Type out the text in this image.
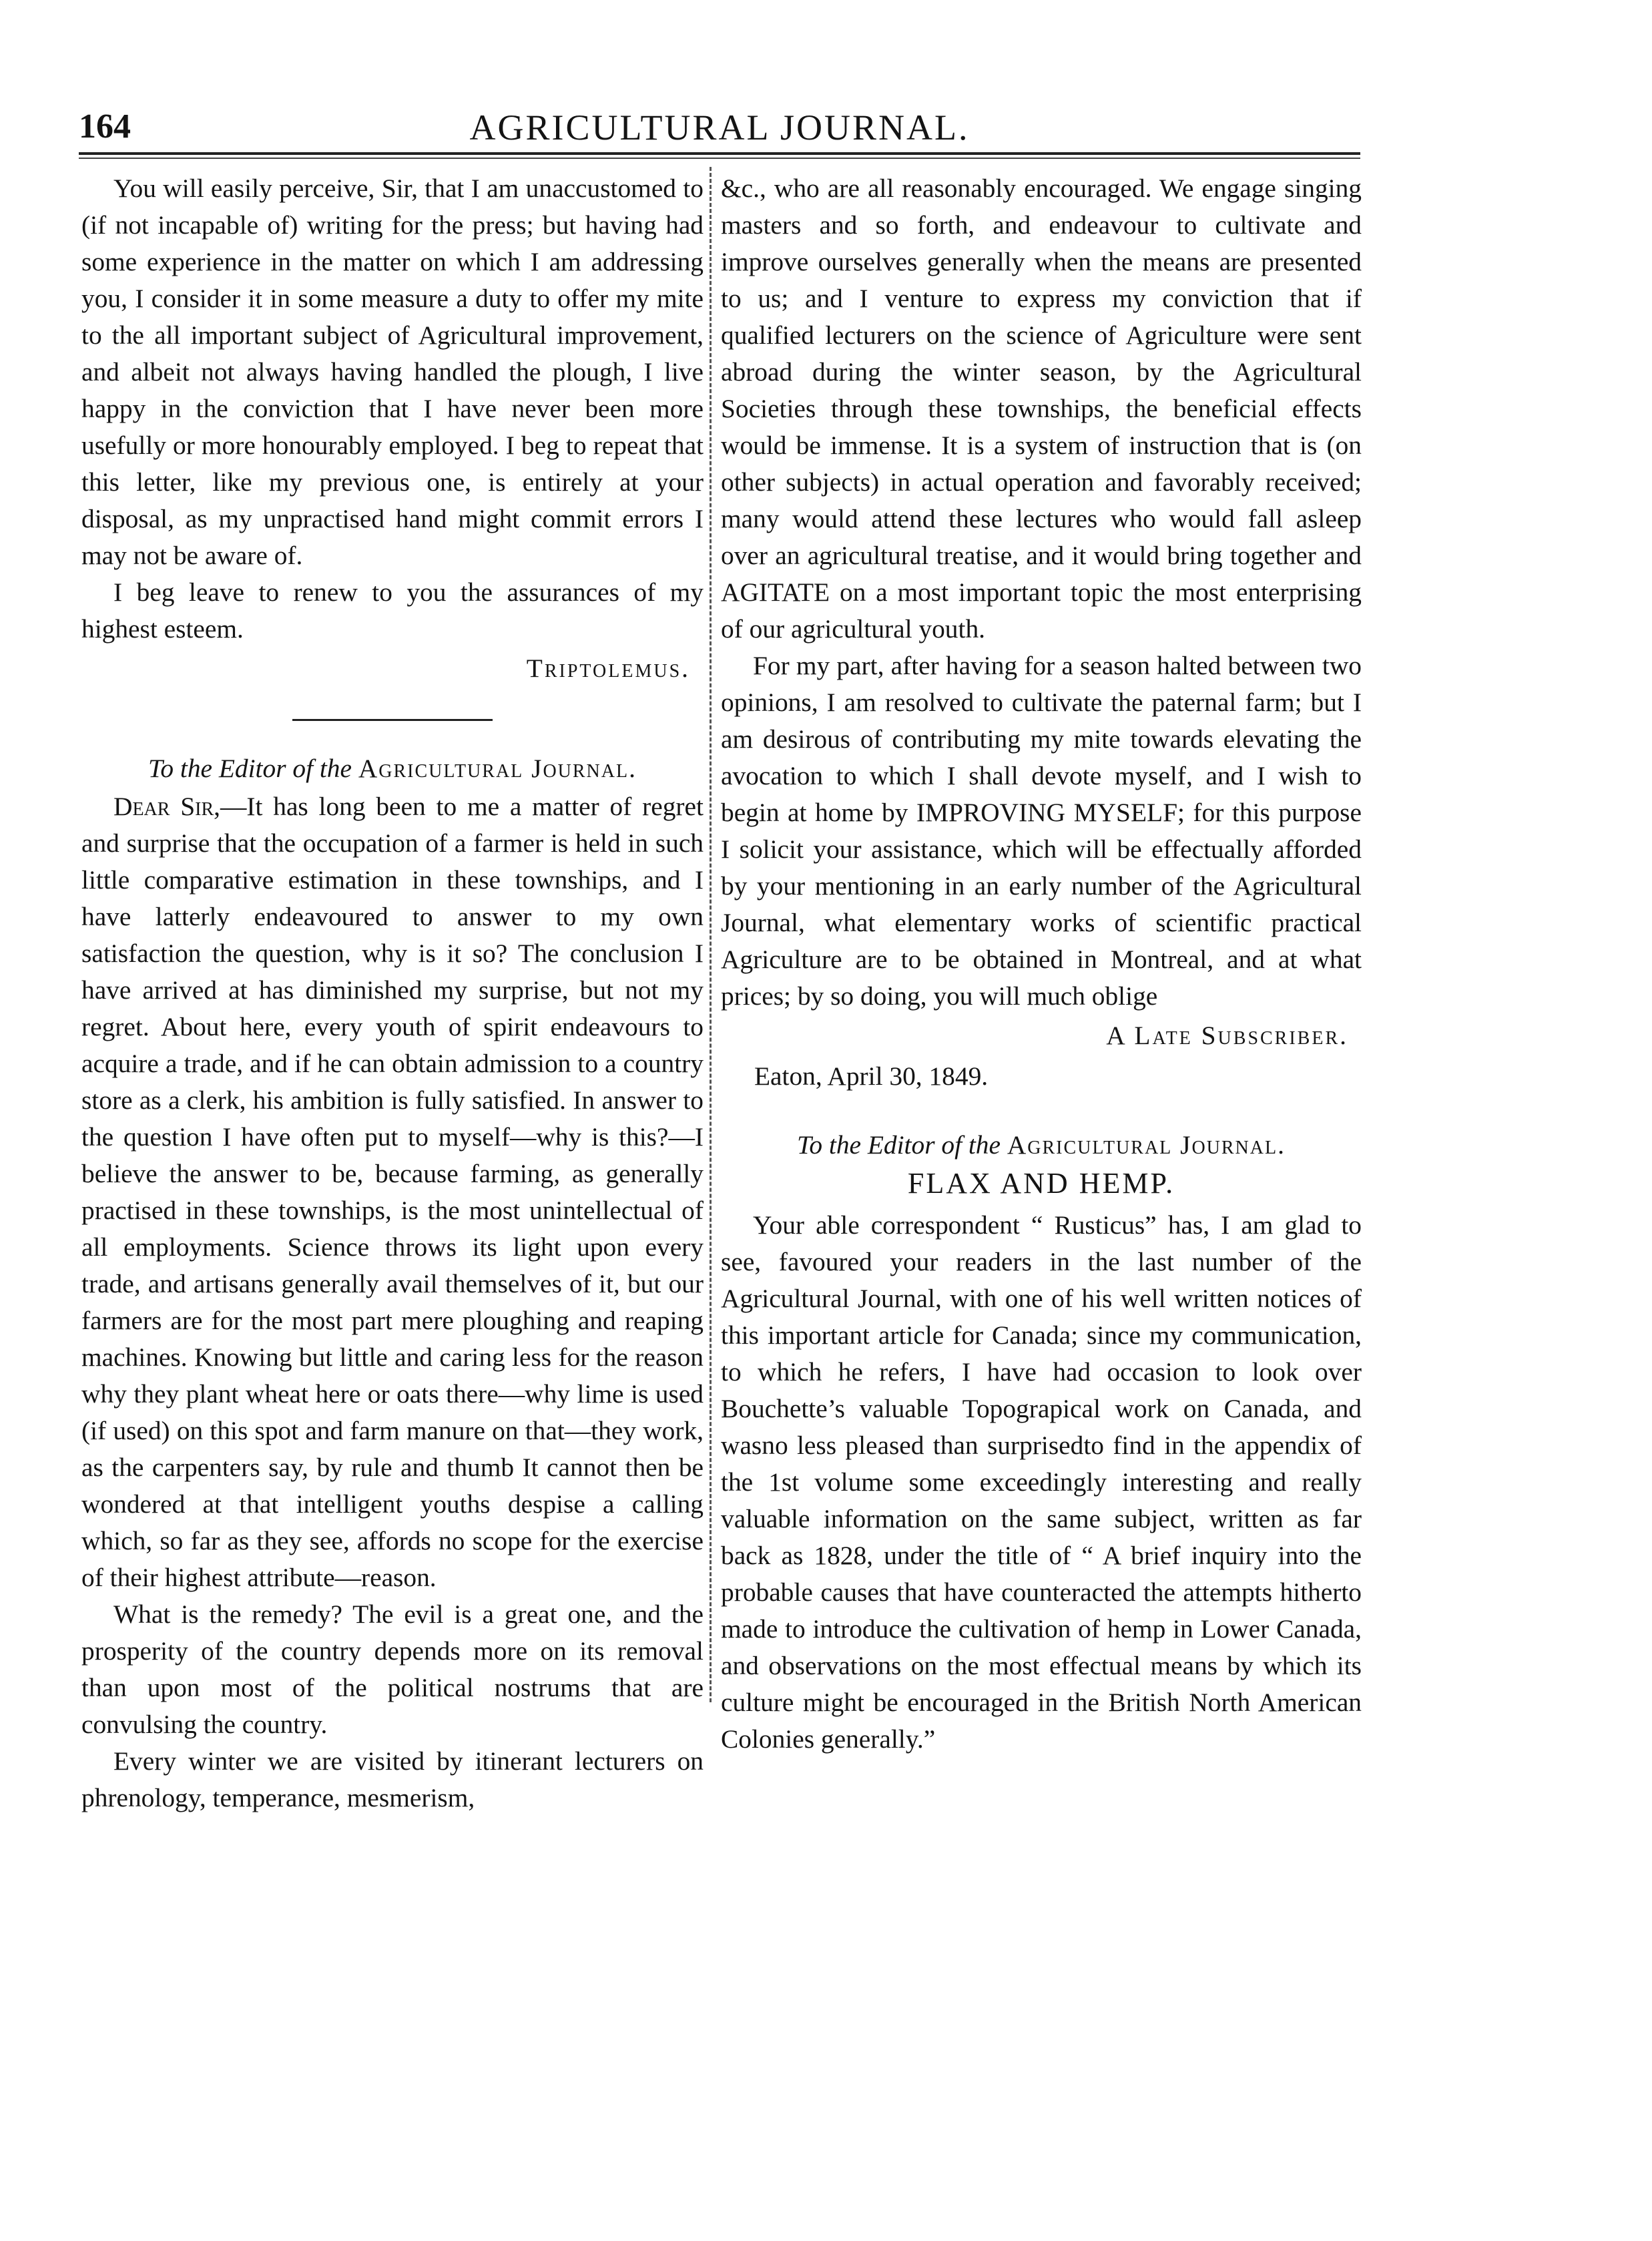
164	AGRICULTURAL JOURNAL.

You will easily perceive, Sir, that I am unaccustomed to (if not incapable of) writing for the press; but having had some experience in the matter on which I am addressing you, I consider it in some measure a duty to offer my mite to the all important subject of Agricultural improvement, and albeit not always having handled the plough, I live happy in the conviction that I have never been more usefully or more honourably employed. I beg to repeat that this letter, like my previous one, is entirely at your disposal, as my unpractised hand might commit errors I may not be aware of.

I beg leave to renew to you the assurances of my highest esteem.

Triptolemus.

To the Editor of the Agricultural Journal.

Dear Sir,—It has long been to me a matter of regret and surprise that the occupation of a farmer is held in such little comparative estimation in these townships, and I have latterly endeavoured to answer to my own satisfaction the question, why is it so? The conclusion I have arrived at has diminished my surprise, but not my regret. About here, every youth of spirit endeavours to acquire a trade, and if he can obtain admission to a country store as a clerk, his ambition is fully satisfied. In answer to the question I have often put to myself—why is this?—I believe the answer to be, because farming, as generally practised in these townships, is the most unintellectual of all employments. Science throws its light upon every trade, and artisans generally avail themselves of it, but our farmers are for the most part mere ploughing and reaping machines. Knowing but little and caring less for the reason why they plant wheat here or oats there—why lime is used (if used) on this spot and farm manure on that—they work, as the carpenters say, by rule and thumb It cannot then be wondered at that intelligent youths despise a calling which, so far as they see, affords no scope for the exercise of their highest attribute—reason.

What is the remedy? The evil is a great one, and the prosperity of the country depends more on its removal than upon most of the political nostrums that are convulsing the country.

Every winter we are visited by itinerant lecturers on phrenology, temperance, mesmerism,

&c., who are all reasonably encouraged. We engage singing masters and so forth, and endeavour to cultivate and improve ourselves generally when the means are presented to us; and I venture to express my conviction that if qualified lecturers on the science of Agriculture were sent abroad during the winter season, by the Agricultural Societies through these townships, the beneficial effects would be immense. It is a system of instruction that is (on other subjects) in actual operation and favorably received; many would attend these lectures who would fall asleep over an agricultural treatise, and it would bring together and AGITATE on a most important topic the most enterprising of our agricultural youth.

For my part, after having for a season halted between two opinions, I am resolved to cultivate the paternal farm; but I am desirous of contributing my mite towards elevating the avocation to which I shall devote myself, and I wish to begin at home by IMPROVING MYSELF; for this purpose I solicit your assistance, which will be effectually afforded by your mentioning in an early number of the Agricultural Journal, what elementary works of scientific practical Agriculture are to be obtained in Montreal, and at what prices; by so doing, you will much oblige

A Late Subscriber.

Eaton, April 30, 1849.

To the Editor of the Agricultural Journal.

FLAX AND HEMP.

Your able correspondent “ Rusticus” has, I am glad to see, favoured your readers in the last number of the Agricultural Journal, with one of his well written notices of this important article for Canada; since my communication, to which he refers, I have had occasion to look over Bouchette’s valuable Topograpical work on Canada, and wasno less pleased than surprisedto find in the appendix of the 1st volume some exceedingly interesting and really valuable information on the same subject, written as far back as 1828, under the title of “ A brief inquiry into the probable causes that have counteracted the attempts hitherto made to introduce the cultivation of hemp in Lower Canada, and observations on the most effectual means by which its culture might be encouraged in the British North American Colonies generally.”
